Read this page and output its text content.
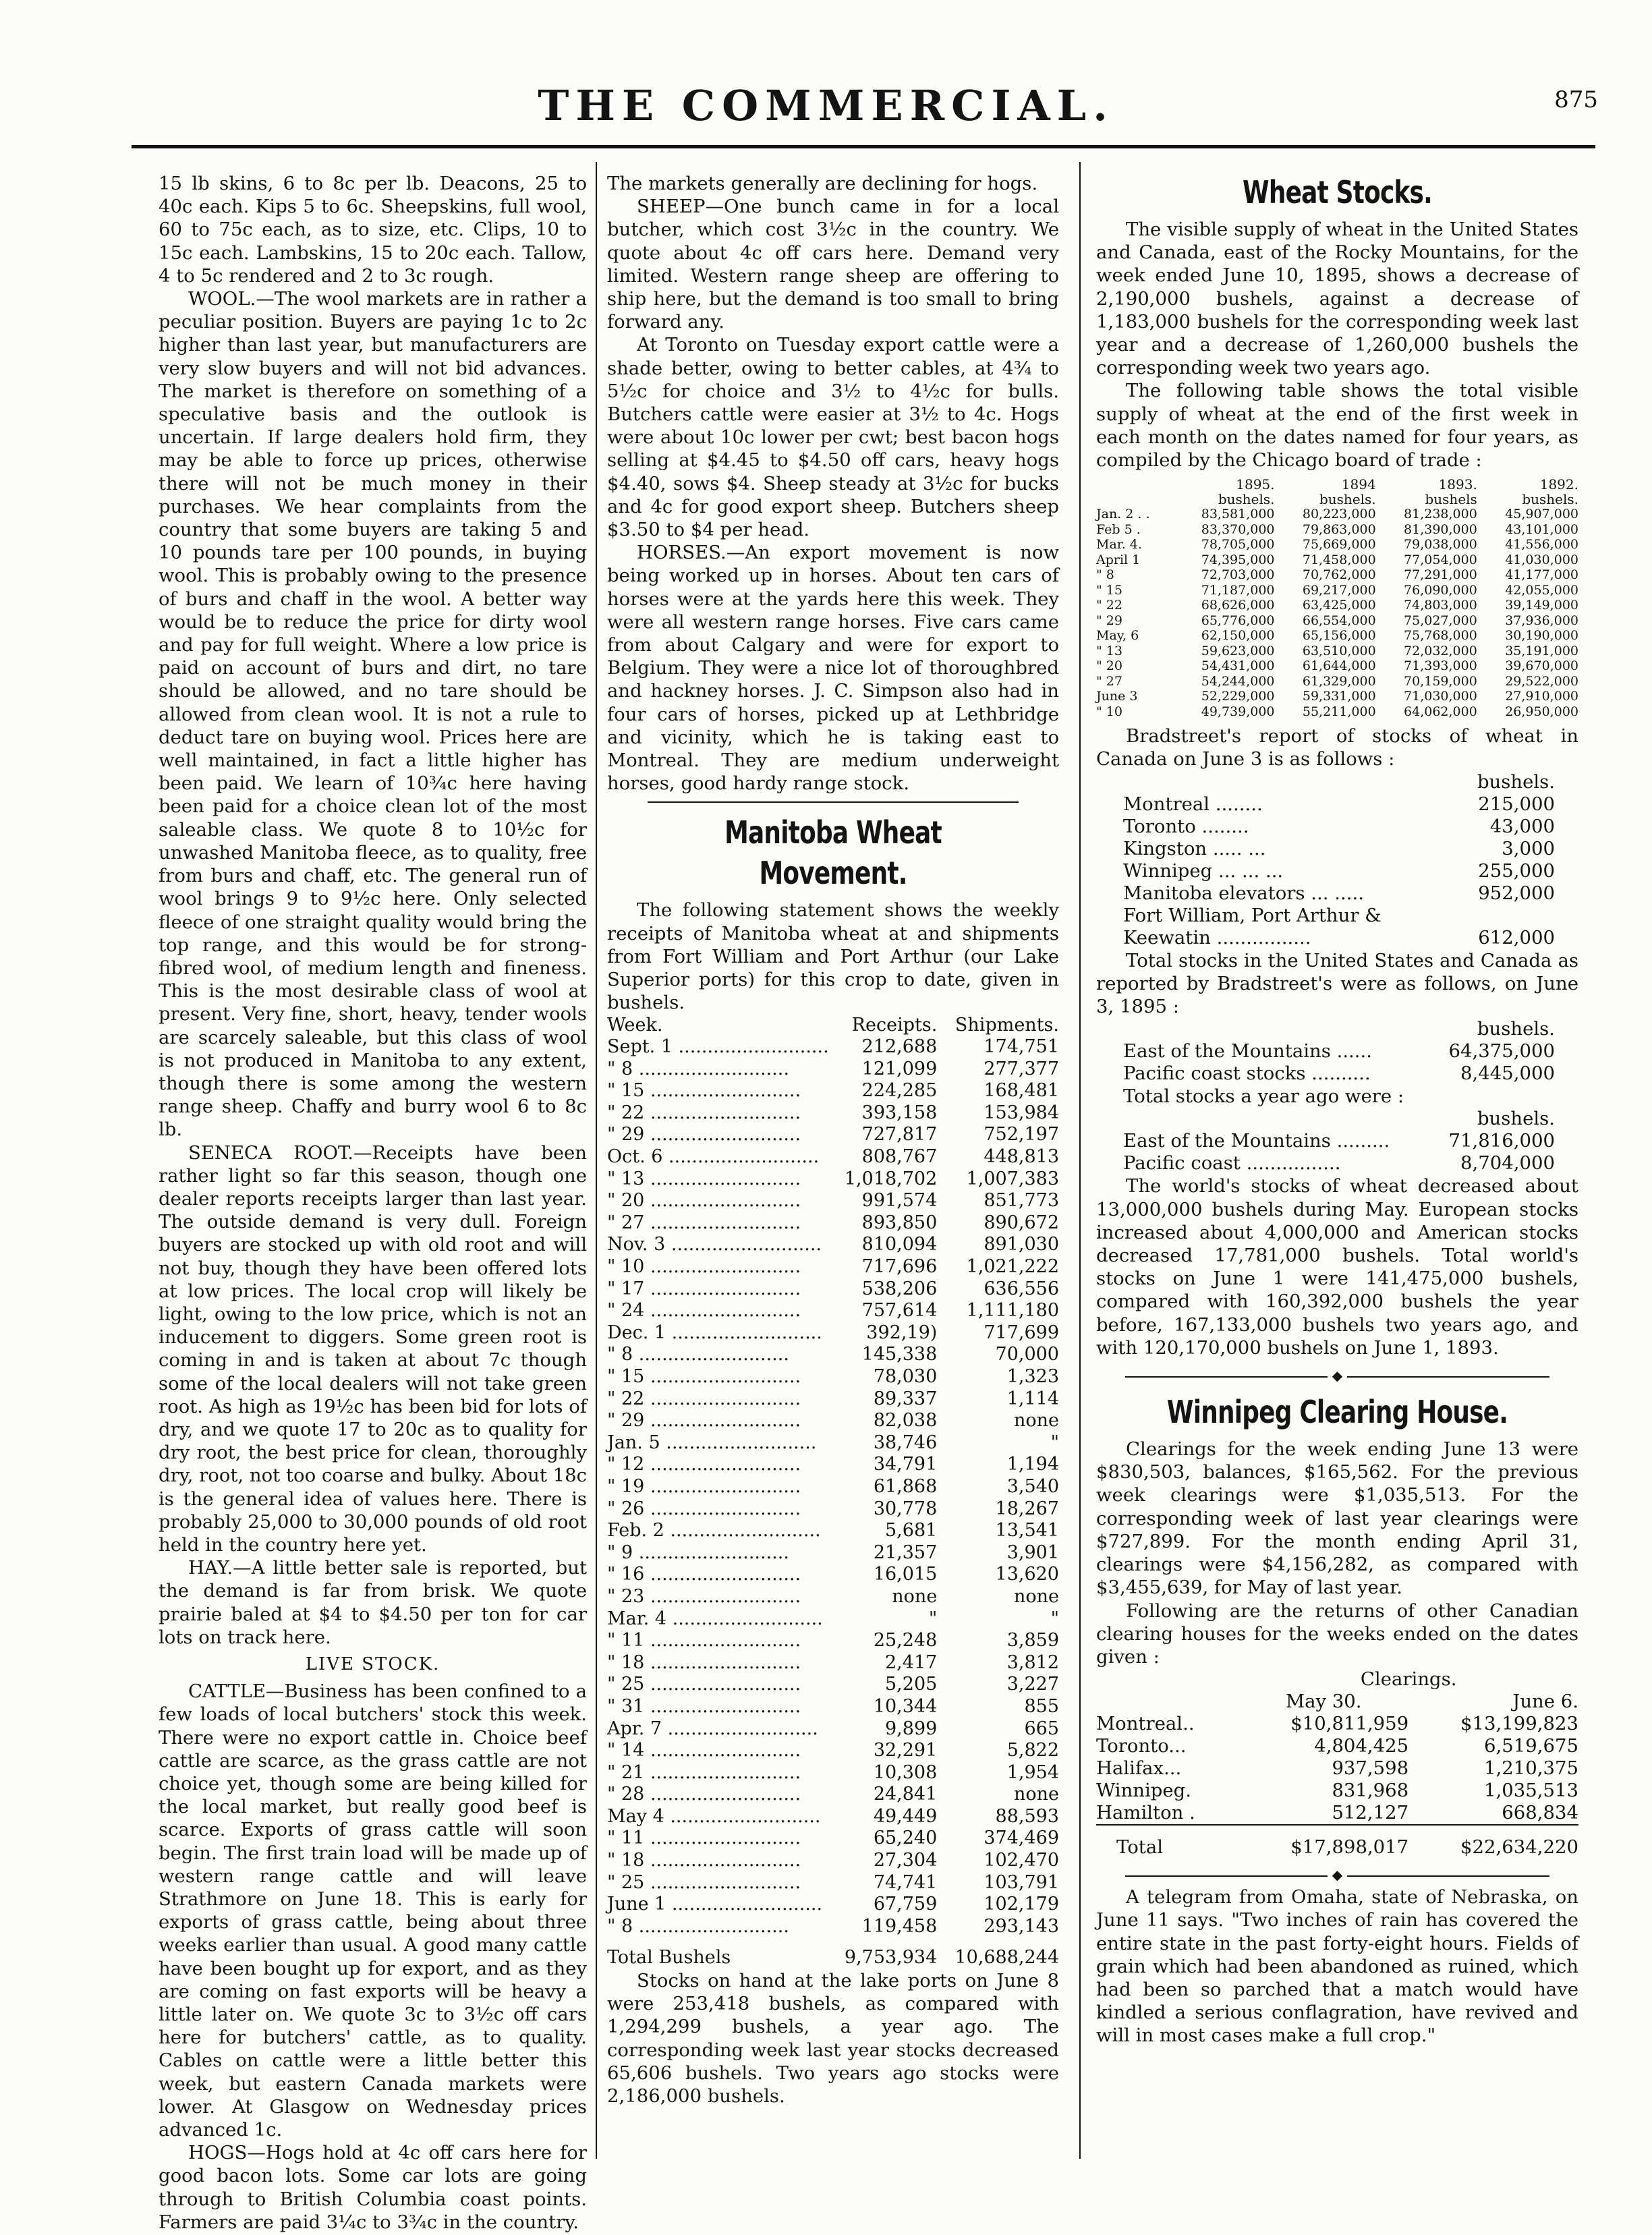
THE COMMERCIAL.	875

15 lb skins, 6 to 8c per lb. Deacons, 25 to 40c each. Kips 5 to 6c. Sheepskins, full wool, 60 to 75c each, as to size, etc. Clips, 10 to 15c each. Lambskins, 15 to 20c each. Tallow, 4 to 5c rendered and 2 to 3c rough.

WOOL.—The wool markets are in rather a peculiar position. Buyers are paying 1c to 2c higher than last year, but manufacturers are very slow buyers and will not bid advances. The market is therefore on something of a speculative basis and the outlook is uncertain. If large dealers hold firm, they may be able to force up prices, otherwise there will not be much money in their purchases. We hear complaints from the country that some buyers are taking 5 and 10 pounds tare per 100 pounds, in buying wool. This is probably owing to the presence of burs and chaff in the wool. A better way would be to reduce the price for dirty wool and pay for full weight. Where a low price is paid on account of burs and dirt, no tare should be allowed, and no tare should be allowed from clean wool. It is not a rule to deduct tare on buying wool. Prices here are well maintained, in fact a little higher has been paid. We learn of 10¾c here having been paid for a choice clean lot of the most saleable class. We quote 8 to 10½c for unwashed Manitoba fleece, as to quality, free from burs and chaff, etc. The general run of wool brings 9 to 9½c here. Only selected fleece of one straight quality would bring the top range, and this would be for strong-fibred wool, of medium length and fineness. This is the most desirable class of wool at present. Very fine, short, heavy, tender wools are scarcely saleable, but this class of wool is not produced in Manitoba to any extent, though there is some among the western range sheep. Chaffy and burry wool 6 to 8c lb.

SENECA ROOT.—Receipts have been rather light so far this season, though one dealer reports receipts larger than last year. The outside demand is very dull. Foreign buyers are stocked up with old root and will not buy, though they have been offered lots at low prices. The local crop will likely be light, owing to the low price, which is not an inducement to diggers. Some green root is coming in and is taken at about 7c though some of the local dealers will not take green root. As high as 19½c has been bid for lots of dry, and we quote 17 to 20c as to quality for dry root, the best price for clean, thoroughly dry, root, not too coarse and bulky. About 18c is the general idea of values here. There is probably 25,000 to 30,000 pounds of old root held in the country here yet.

HAY.—A little better sale is reported, but the demand is far from brisk. We quote prairie baled at $4 to $4.50 per ton for car lots on track here.

LIVE STOCK.

CATTLE—Business has been confined to a few loads of local butchers' stock this week. There were no export cattle in. Choice beef cattle are scarce, as the grass cattle are not choice yet, though some are being killed for the local market, but really good beef is scarce. Exports of grass cattle will soon begin. The first train load will be made up of western range cattle and will leave Strathmore on June 18. This is early for exports of grass cattle, being about three weeks earlier than usual. A good many cattle have been bought up for export, and as they are coming on fast exports will be heavy a little later on. We quote 3c to 3½c off cars here for butchers' cattle, as to quality. Cables on cattle were a little better this week, but eastern Canada markets were lower. At Glasgow on Wednesday prices advanced 1c.

HOGS—Hogs hold at 4c off cars here for good bacon lots. Some car lots are going through to British Columbia coast points. Farmers are paid 3¼c to 3¾c in the country.

The markets generally are declining for hogs.

SHEEP—One bunch came in for a local butcher, which cost 3½c in the country. We quote about 4c off cars here. Demand very limited. Western range sheep are offering to ship here, but the demand is too small to bring forward any.

At Toronto on Tuesday export cattle were a shade better, owing to better cables, at 4¾ to 5½c for choice and 3½ to 4½c for bulls. Butchers cattle were easier at 3½ to 4c. Hogs were about 10c lower per cwt; best bacon hogs selling at $4.45 to $4.50 off cars, heavy hogs $4.40, sows $4. Sheep steady at 3½c for bucks and 4c for good export sheep. Butchers sheep $3.50 to $4 per head.

HORSES.—An export movement is now being worked up in horses. About ten cars of horses were at the yards here this week. They were all western range horses. Five cars came from about Calgary and were for export to Belgium. They were a nice lot of thoroughbred and hackney horses. J. C. Simpson also had in four cars of horses, picked up at Lethbridge and vicinity, which he is taking east to Montreal. They are medium underweight horses, good hardy range stock.

Manitoba Wheat Movement.

The following statement shows the weekly receipts of Manitoba wheat at and shipments from Fort William and Port Arthur (our Lake Superior ports) for this crop to date, given in bushels.

Week.	Receipts.	Shipments.
Sept. 1 .....	212,688	174,751
" 8 .....	121,099	277,377
" 15 .....	224,285	168,481
" 22 .....	393,158	153,984
" 29 .....	727,817	752,197
Oct. 6 .....	808,767	448,813
" 13 .....	1,018,702	1,007,383
" 20 .....	991,574	851,773
" 27 .....	893,850	890,672
Nov. 3 .....	810,094	891,030
" 10 .....	717,696	1,021,222
" 17 .....	538,206	636,556
" 24 .....	757,614	1,111,180
Dec. 1 .....	392,19)	717,699
" 8 .....	145,338	70,000
" 15 .....	78,030	1,323
" 22 .....	89,337	1,114
" 29 .....	82,038	none
Jan. 5 .....	38,746	"
" 12 .....	34,791	1,194
" 19 .....	61,868	3,540
" 26 .....	30,778	18,267
Feb. 2 .....	5,681	13,541
" 9 .....	21,357	3,901
" 16 .....	16,015	13,620
" 23 .....	none	none
Mar. 4 .....	"	"
" 11 .....	25,248	3,859
" 18 .....	2,417	3,812
" 25 .....	5,205	3,227
" 31 .....	10,344	855
Apr. 7 .....	9,899	665
" 14 .....	32,291	5,822
" 21 .....	10,308	1,954
" 28 .....	24,841	none
May 4 .....	49,449	88,593
" 11 .....	65,240	374,469
" 18 .....	27,304	102,470
" 25 .....	74,741	103,791
June 1 .....	67,759	102,179
" 8 .....	119,458	293,143
Total Bushels	9,753,934	10,688,244

Stocks on hand at the lake ports on June 8 were 253,418 bushels, as compared with 1,294,299 bushels, a year ago. The corresponding week last year stocks decreased 65,606 bushels. Two years ago stocks were 2,186,000 bushels.

Wheat Stocks.

The visible supply of wheat in the United States and Canada, east of the Rocky Mountains, for the week ended June 10, 1895, shows a decrease of 2,190,000 bushels, against a decrease of 1,183,000 bushels for the corresponding week last year and a decrease of 1,260,000 bushels the corresponding week two years ago.

The following table shows the total visible supply of wheat at the end of the first week in each month on the dates named for four years, as compiled by the Chicago board of trade :

	1895.	1894	1893.	1892.
	bushels.	bushels.	bushels	bushels.
Jan. 2 . .	83,581,000	80,223,000	81,238,000	45,907,000
Feb 5 .	83,370,000	79,863,000	81,390,000	43,101,000
Mar. 4.	78,705,000	75,669,000	79,038,000	41,556,000
April 1	74,395,000	71,458,000	77,054,000	41,030,000
" 8	72,703,000	70,762,000	77,291,000	41,177,000
" 15	71,187,000	69,217,000	76,090,000	42,055,000
" 22	68,626,000	63,425,000	74,803,000	39,149,000
" 29	65,776,000	66,554,000	75,027,000	37,936,000
May, 6	62,150,000	65,156,000	75,768,000	30,190,000
" 13	59,623,000	63,510,000	72,032,000	35,191,000
" 20	54,431,000	61,644,000	71,393,000	39,670,000
" 27	54,244,000	61,329,000	70,159,000	29,522,000
June 3	52,229,000	59,331,000	71,030,000	27,910,000
" 10	49,739,000	55,211,000	64,062,000	26,950,000

Bradstreet's report of stocks of wheat in Canada on June 3 is as follows :

	bushels.
Montreal ........	215,000
Toronto ........	43,000
Kingston ..... ...	3,000
Winnipeg ... ... ...	255,000
Manitoba elevators ... .....	952,000
Fort William, Port Arthur &	
Keewatin ................	612,000

Total stocks in the United States and Canada as reported by Bradstreet's were as follows, on June 3, 1895 :

	bushels.
East of the Mountains ......	64,375,000
Pacific coast stocks ..........	8,445,000

Total stocks a year ago were :

	bushels.
East of the Mountains .........	71,816,000
Pacific coast ................	8,704,000

The world's stocks of wheat decreased about 13,000,000 bushels during May. European stocks increased about 4,000,000 and American stocks decreased 17,781,000 bushels. Total world's stocks on June 1 were 141,475,000 bushels, compared with 160,392,000 bushels the year before, 167,133,000 bushels two years ago, and with 120,170,000 bushels on June 1, 1893.

◆
Winnipeg Clearing House.

Clearings for the week ending June 13 were $830,503, balances, $165,562. For the previous week clearings were $1,035,513. For the corresponding week of last year clearings were $727,899. For the month ending April 31, clearings were $4,156,282, as compared with $3,455,639, for May of last year.

Following are the returns of other Canadian clearing houses for the weeks ended on the dates given :

	Clearings.	
	May 30.	June 6.
Montreal..	$10,811,959	$13,199,823
Toronto...	4,804,425	6,519,675
Halifax...	937,598	1,210,375
Winnipeg.	831,968	1,035,513
Hamilton .	512,127	668,834

Total	$17,898,017	$22,634,220
◆

A telegram from Omaha, state of Nebraska, on June 11 says. "Two inches of rain has covered the entire state in the past forty-eight hours. Fields of grain which had been abandoned as ruined, which had been so parched that a match would have kindled a serious conflagration, have revived and will in most cases make a full crop."
